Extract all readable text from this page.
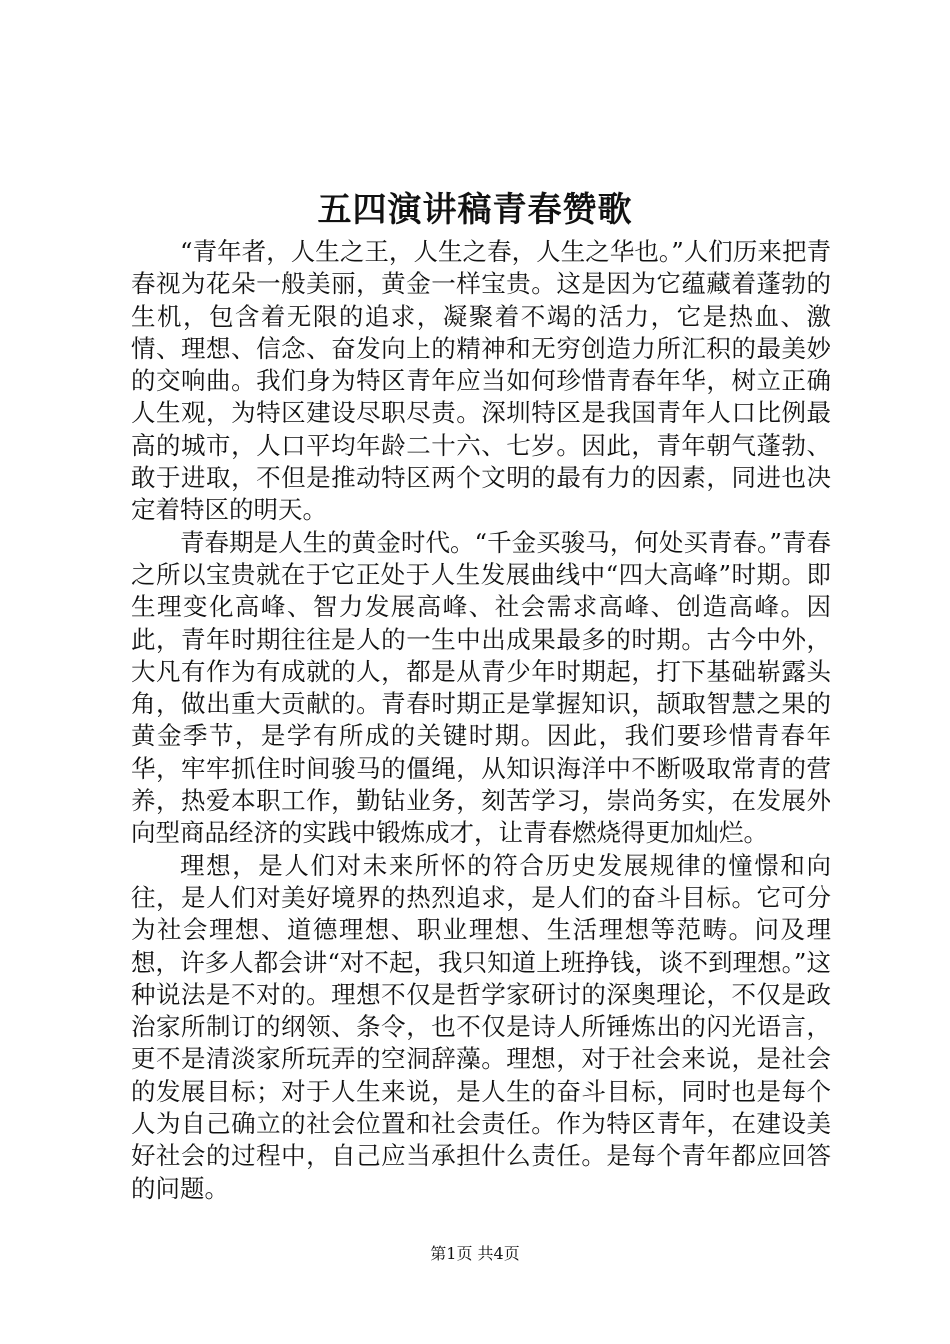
五四演讲稿青春赞歌

“青年者，人生之王，人生之春，人生之华也。”人们历来把青春视为花朵一般美丽，黄金一样宝贵。这是因为它蕴藏着蓬勃的生机，包含着无限的追求，凝聚着不竭的活力，它是热血、激情、理想、信念、奋发向上的精神和无穷创造力所汇积的最美妙的交响曲。我们身为特区青年应当如何珍惜青春年华，树立正确人生观，为特区建设尽职尽责。深圳特区是我国青年人口比例最高的城市，人口平均年龄二十六、七岁。因此，青年朝气蓬勃、敢于进取，不但是推动特区两个文明的最有力的因素，同进也决定着特区的明天。

青春期是人生的黄金时代。“千金买骏马，何处买青春。”青春之所以宝贵就在于它正处于人生发展曲线中“四大高峰”时期。即生理变化高峰、智力发展高峰、社会需求高峰、创造高峰。因此，青年时期往往是人的一生中出成果最多的时期。古今中外，大凡有作为有成就的人，都是从青少年时期起，打下基础崭露头角，做出重大贡献的。青春时期正是掌握知识，颉取智慧之果的黄金季节，是学有所成的关键时期。因此，我们要珍惜青春年华，牢牢抓住时间骏马的僵绳，从知识海洋中不断吸取常青的营养，热爱本职工作，勤钻业务，刻苦学习，崇尚务实，在发展外向型商品经济的实践中锻炼成才，让青春燃烧得更加灿烂。

理想，是人们对未来所怀的符合历史发展规律的憧憬和向往，是人们对美好境界的热烈追求，是人们的奋斗目标。它可分为社会理想、道德理想、职业理想、生活理想等范畴。问及理想，许多人都会讲“对不起，我只知道上班挣钱，谈不到理想。”这种说法是不对的。理想不仅是哲学家研讨的深奥理论，不仅是政治家所制订的纲领、条令，也不仅是诗人所锤炼出的闪光语言，更不是清淡家所玩弄的空洞辞藻。理想，对于社会来说，是社会的发展目标；对于人生来说，是人生的奋斗目标，同时也是每个人为自己确立的社会位置和社会责任。作为特区青年，在建设美好社会的过程中，自己应当承担什么责任。是每个青年都应回答的问题。

第1页 共4页
